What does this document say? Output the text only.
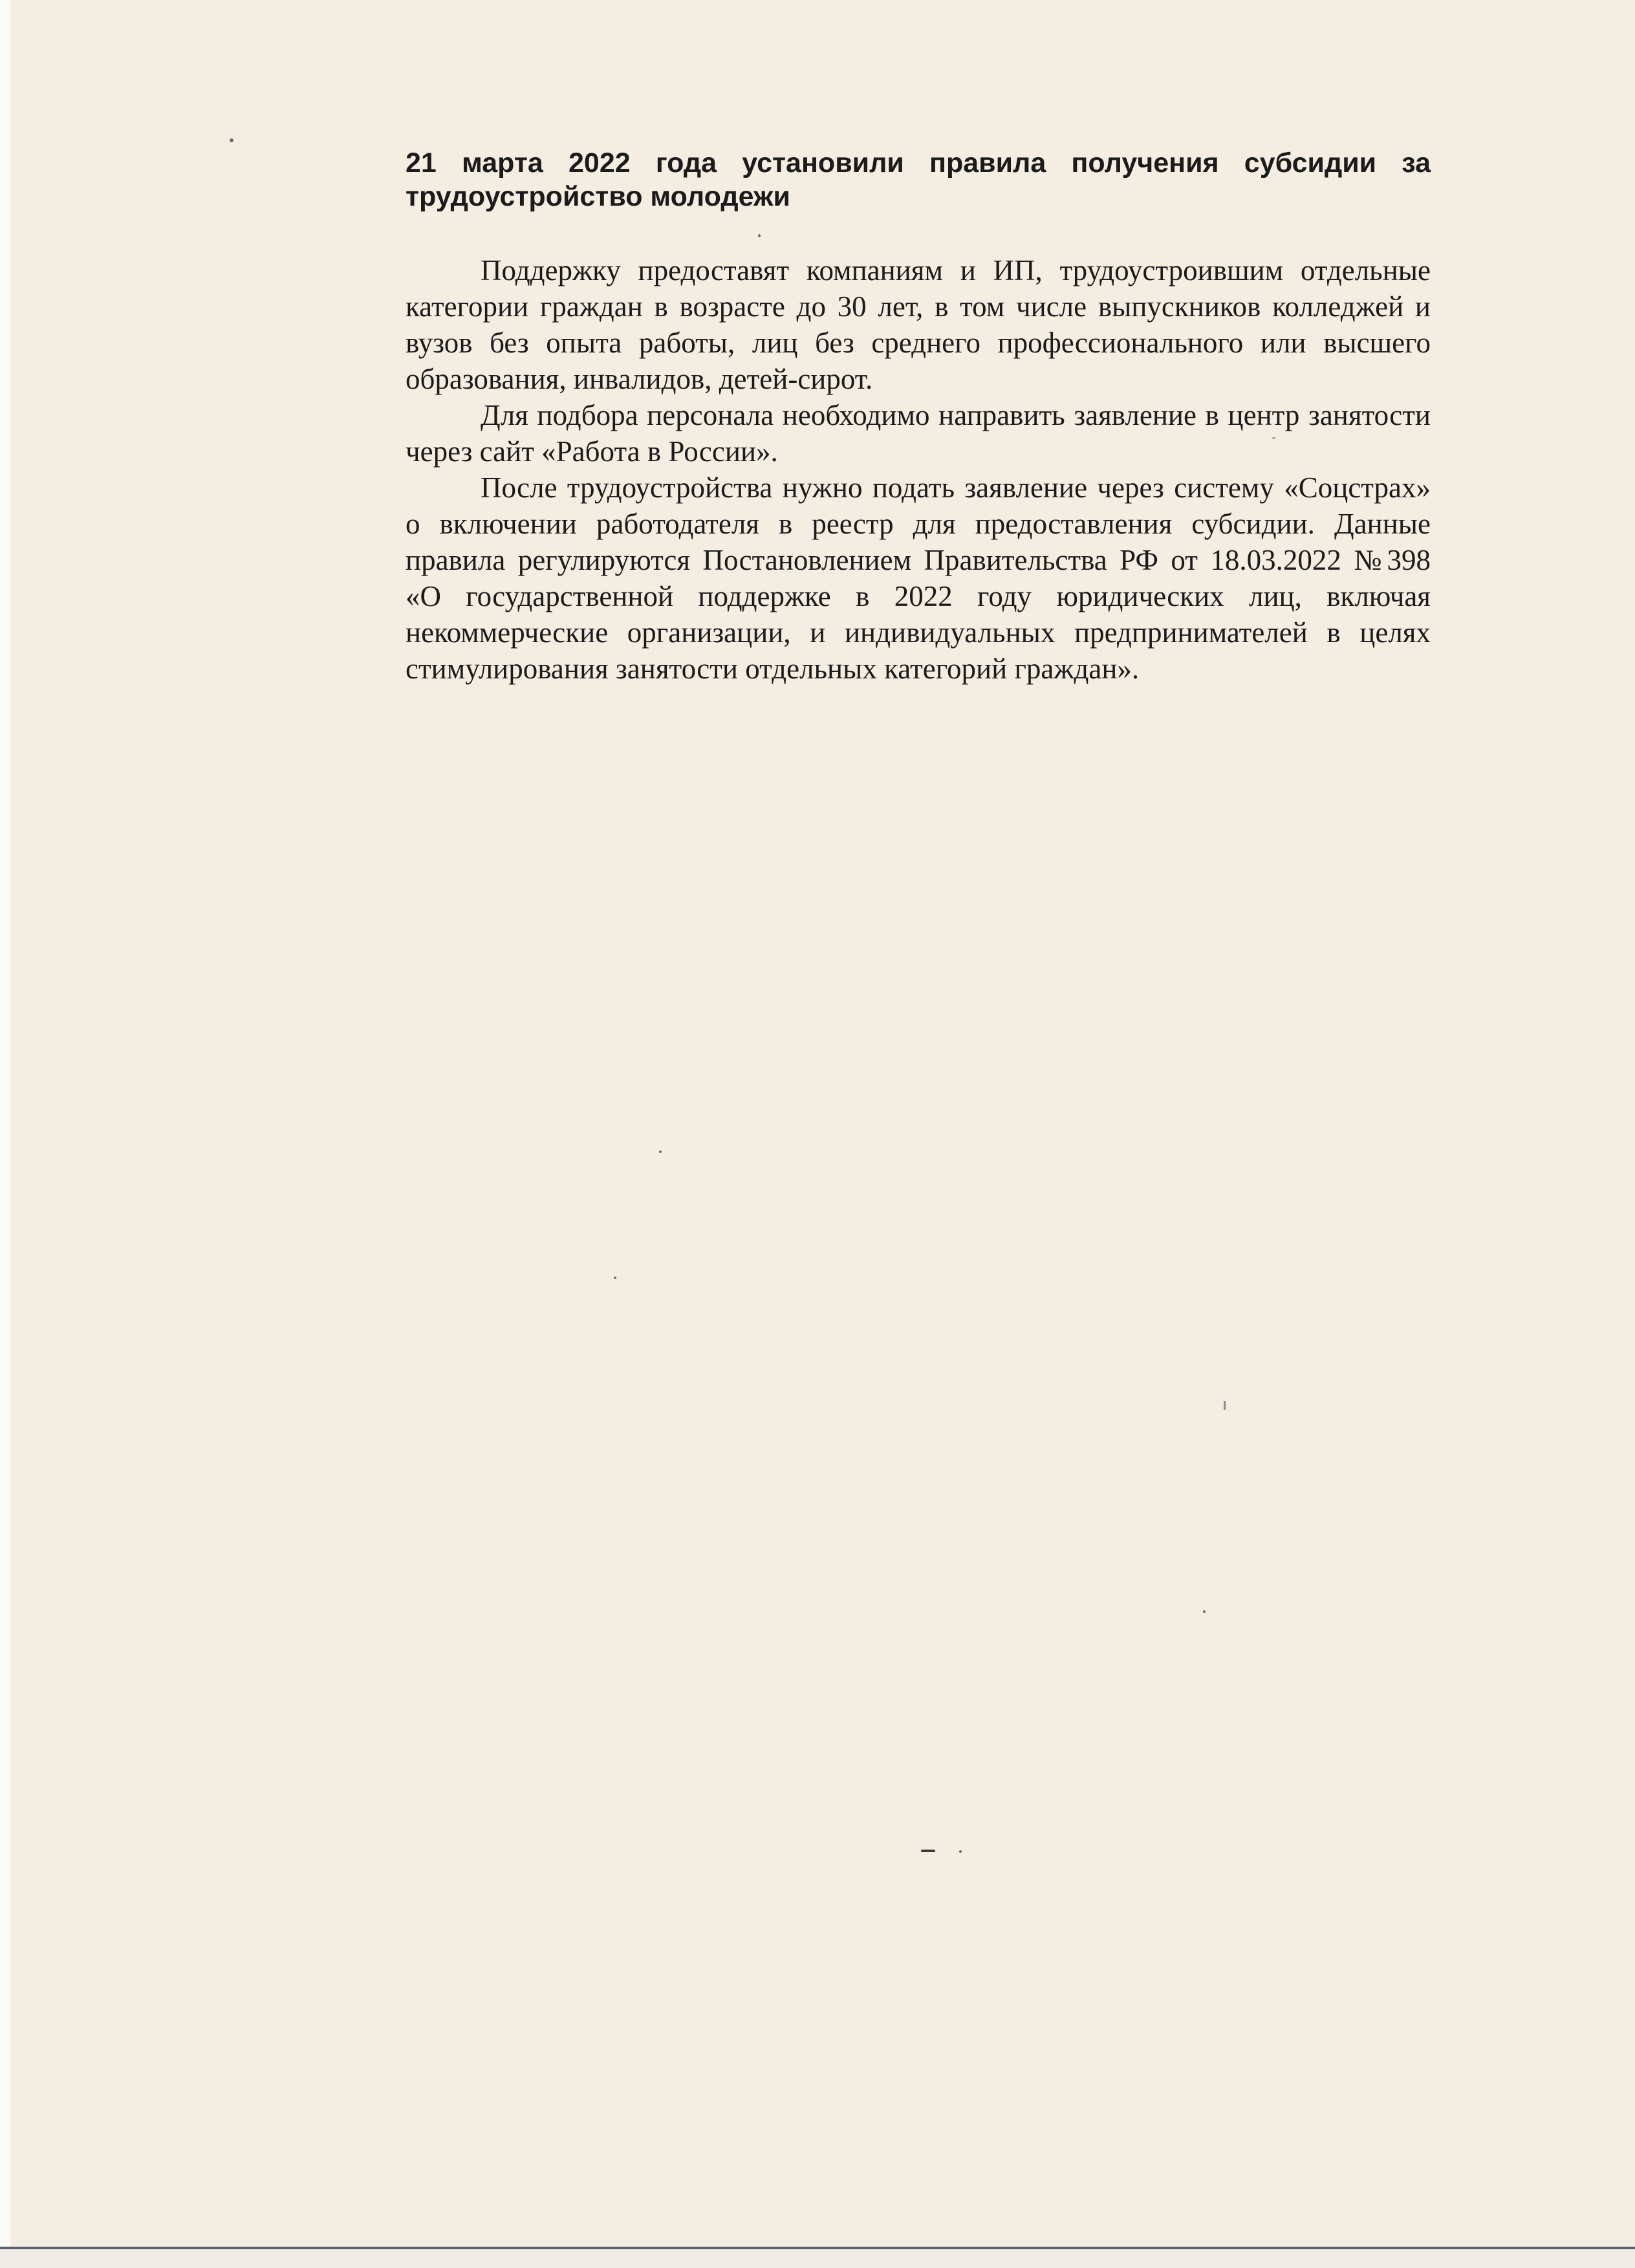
21 марта 2022 года установили правила получения субсидии за трудоустройство молодежи

Поддержку предоставят компаниям и ИП, трудоустроившим отдельные категории граждан в возрасте до 30 лет, в том числе выпускников колледжей и вузов без опыта работы, лиц без среднего профессионального или высшего образования, инвалидов, детей-сирот.

Для подбора персонала необходимо направить заявление в центр занятости через сайт «Работа в России».

После трудоустройства нужно подать заявление через систему «Соцстрах» о включении работодателя в реестр для предоставления субсидии. Данные правила регулируются Постановлением Правительства РФ от 18.03.2022 №398 «О государственной поддержке в 2022 году юридических лиц, включая некоммерческие организации, и индивидуальных предпринимателей в целях стимулирования занятости отдельных категорий граждан».
